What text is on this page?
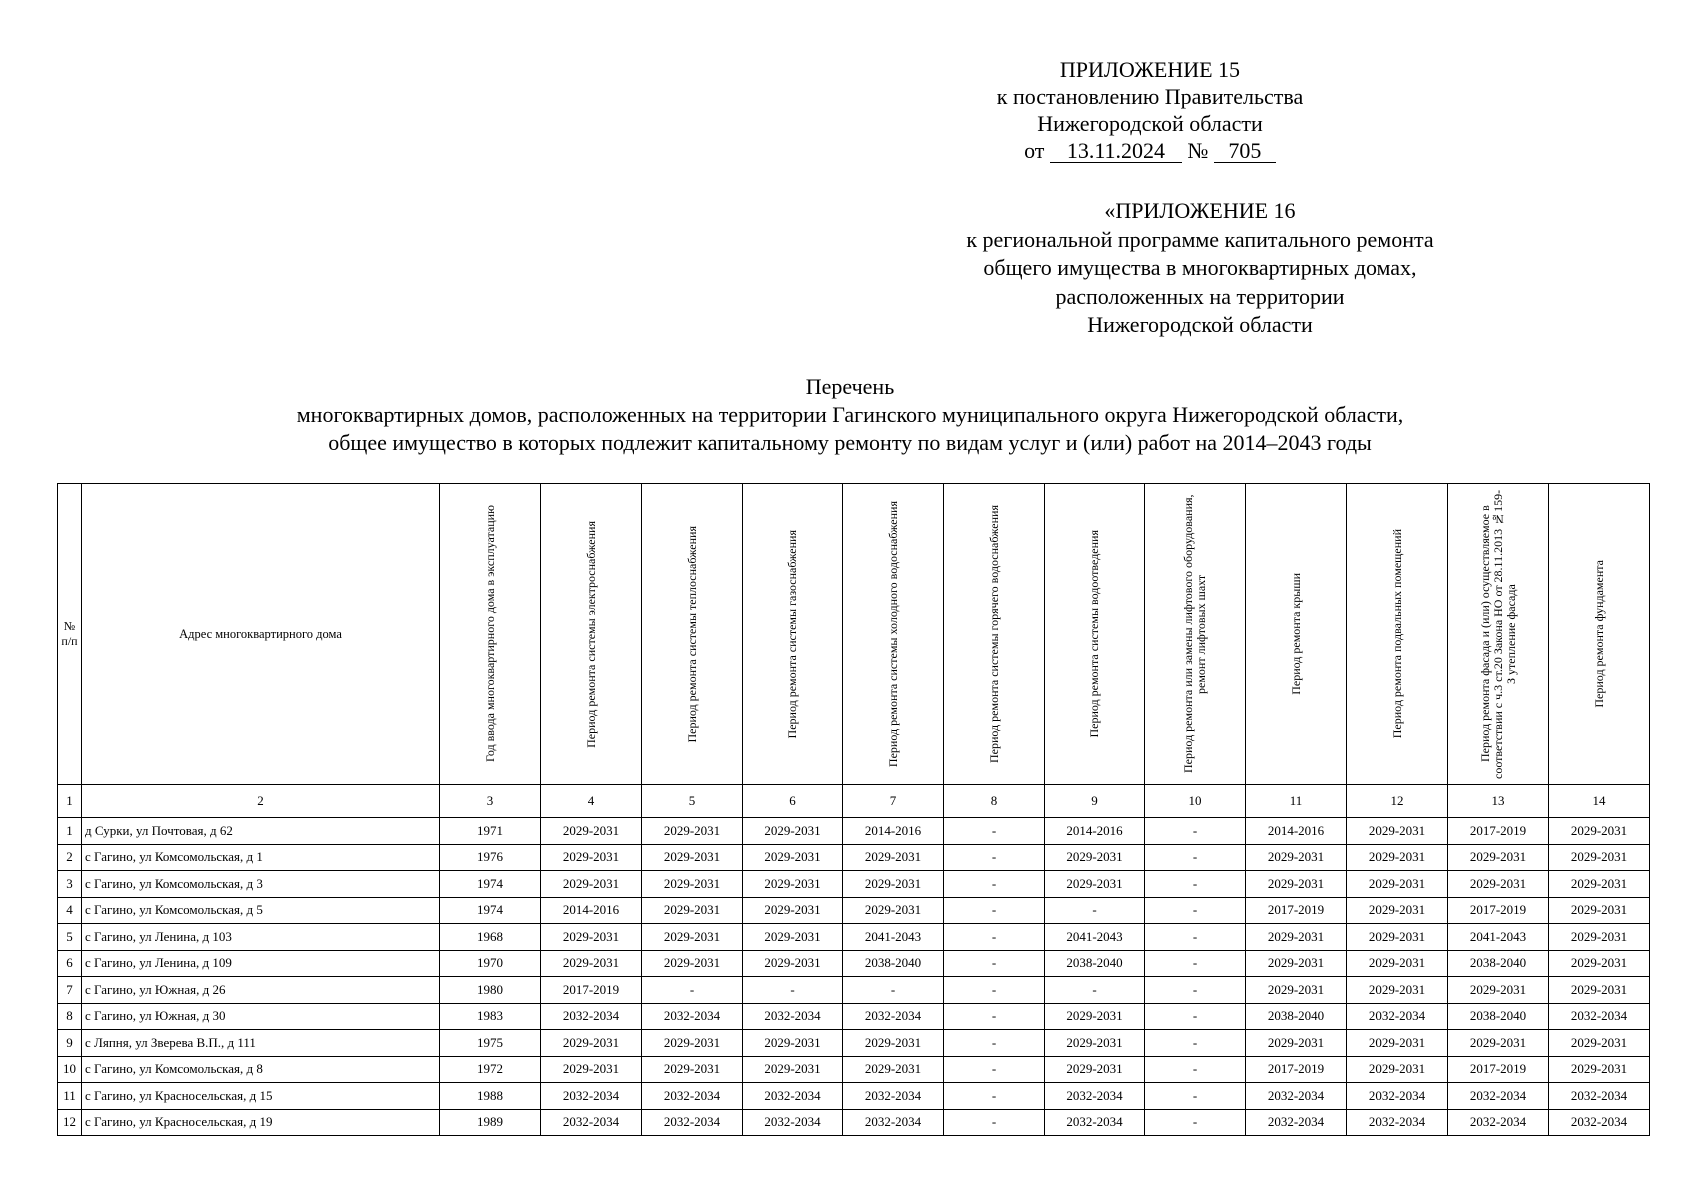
ПРИЛОЖЕНИЕ 15
к постановлению Правительства
Нижегородской области
от 13.11.2024 № 705
«ПРИЛОЖЕНИЕ 16
к региональной программе капитального ремонта
общего имущества в многоквартирных домах,
расположенных на территории
Нижегородской области
Перечень
многоквартирных домов, расположенных на территории Гагинского муниципального округа Нижегородской области,
общее имущество в которых подлежит капитальному ремонту по видам услуг и (или) работ на 2014–2043 годы
№ п/п	Адрес многоквартирного дома	Год ввода многоквартирного дома в эксплуатацию	Период ремонта системы электроснабжения	Период ремонта системы теплоснабжения	Период ремонта системы газоснабжения	Период ремонта системы холодного водоснабжения	Период ремонта системы горячего водоснабжения	Период ремонта системы водоотведения	Период ремонта или замены лифтового оборудования, ремонт лифтовых шахт	Период ремонта крыши	Период ремонта подвальных помещений	Период ремонта фасада и (или) осуществляемое в соответствии с ч.3 ст.20 Закона НО от 28.11.2013 №159-З утепление фасада	Период ремонта фундамента

1	2	3	4	5	6	7	8	9	10	11	12	13	14
1	д Сурки, ул Почтовая, д 62	1971	2029-2031	2029-2031	2029-2031	2014-2016	-	2014-2016	-	2014-2016	2029-2031	2017-2019	2029-2031
2	с Гагино, ул Комсомольская, д 1	1976	2029-2031	2029-2031	2029-2031	2029-2031	-	2029-2031	-	2029-2031	2029-2031	2029-2031	2029-2031
3	с Гагино, ул Комсомольская, д 3	1974	2029-2031	2029-2031	2029-2031	2029-2031	-	2029-2031	-	2029-2031	2029-2031	2029-2031	2029-2031
4	с Гагино, ул Комсомольская, д 5	1974	2014-2016	2029-2031	2029-2031	2029-2031	-	-	-	2017-2019	2029-2031	2017-2019	2029-2031
5	с Гагино, ул Ленина, д 103	1968	2029-2031	2029-2031	2029-2031	2041-2043	-	2041-2043	-	2029-2031	2029-2031	2041-2043	2029-2031
6	с Гагино, ул Ленина, д 109	1970	2029-2031	2029-2031	2029-2031	2038-2040	-	2038-2040	-	2029-2031	2029-2031	2038-2040	2029-2031
7	с Гагино, ул Южная, д 26	1980	2017-2019	-	-	-	-	-	-	2029-2031	2029-2031	2029-2031	2029-2031
8	с Гагино, ул Южная, д 30	1983	2032-2034	2032-2034	2032-2034	2032-2034	-	2029-2031	-	2038-2040	2032-2034	2038-2040	2032-2034
9	с Ляпня, ул Зверева В.П., д 111	1975	2029-2031	2029-2031	2029-2031	2029-2031	-	2029-2031	-	2029-2031	2029-2031	2029-2031	2029-2031
10	с Гагино, ул Комсомольская, д 8	1972	2029-2031	2029-2031	2029-2031	2029-2031	-	2029-2031	-	2017-2019	2029-2031	2017-2019	2029-2031
11	с Гагино, ул Красносельская, д 15	1988	2032-2034	2032-2034	2032-2034	2032-2034	-	2032-2034	-	2032-2034	2032-2034	2032-2034	2032-2034
12	с Гагино, ул Красносельская, д 19	1989	2032-2034	2032-2034	2032-2034	2032-2034	-	2032-2034	-	2032-2034	2032-2034	2032-2034	2032-2034
